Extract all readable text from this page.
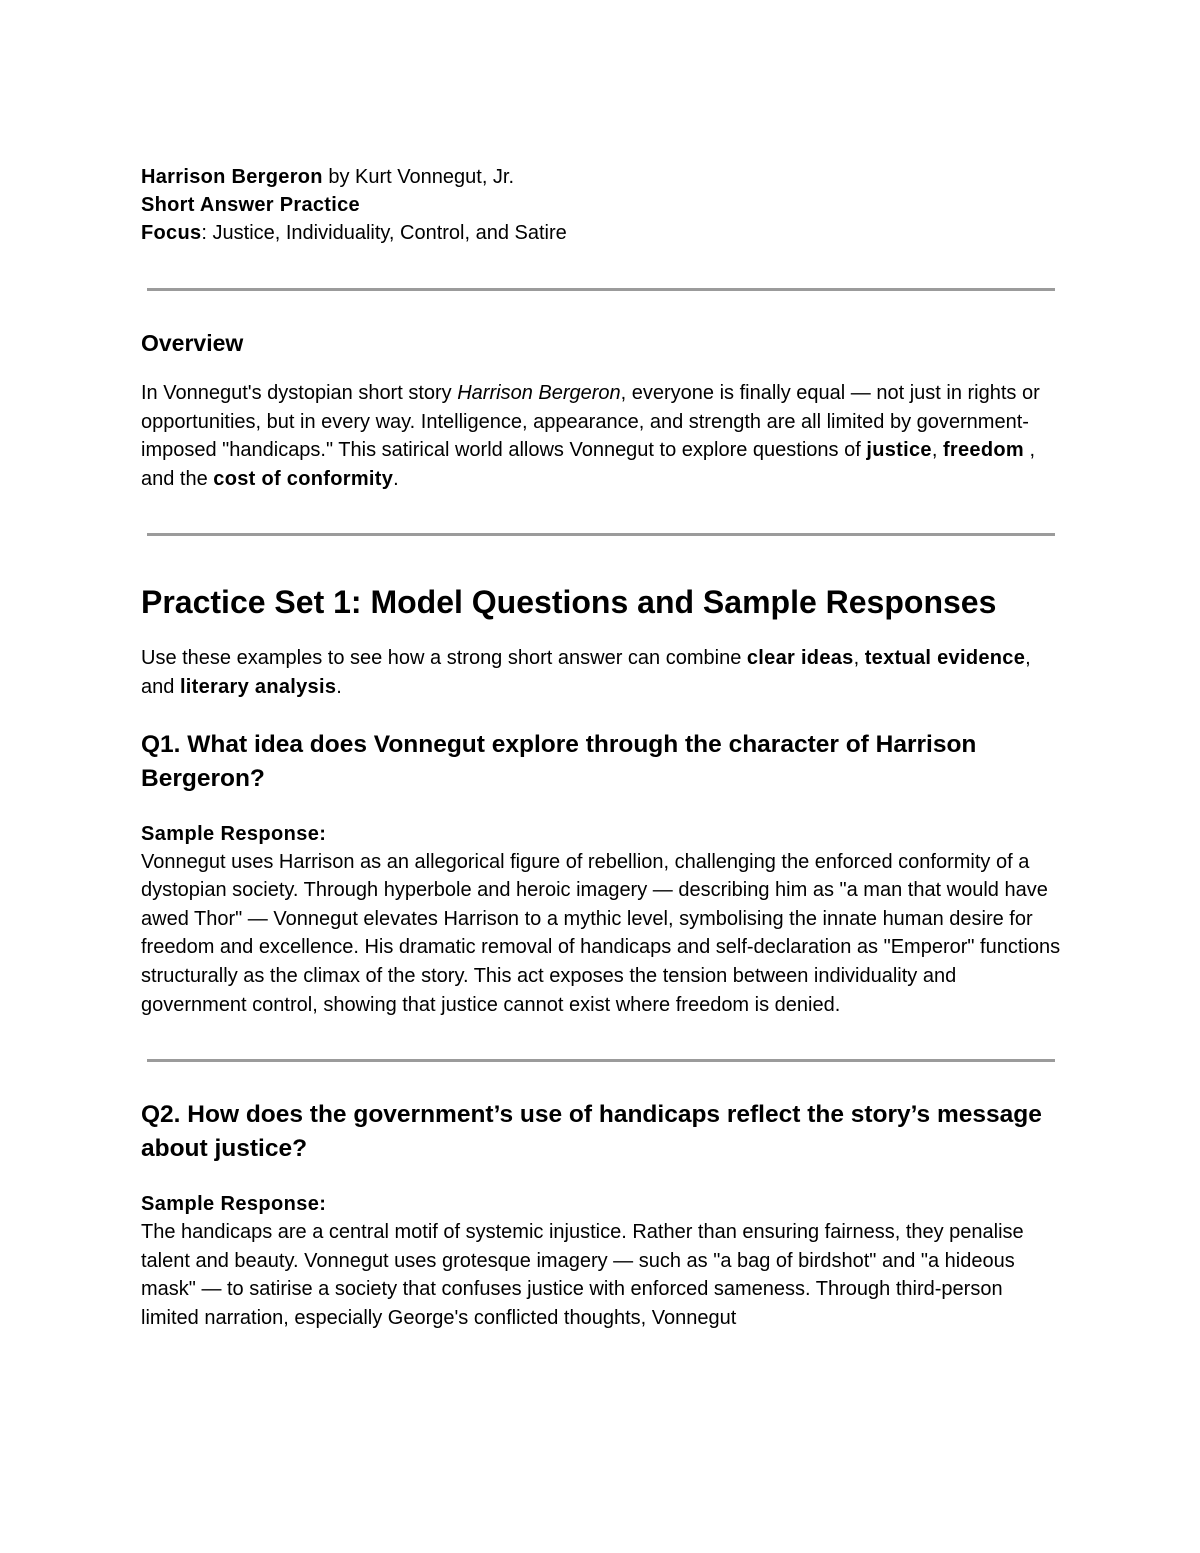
Harrison Bergeron by Kurt Vonnegut, Jr.

Short Answer Practice

Focus: Justice, Individuality, Control, and Satire

Overview

In Vonnegut's dystopian short story Harrison Bergeron, everyone is finally equal — not just in rights or opportunities, but in every way. Intelligence, appearance, and strength are all limited by government-imposed "handicaps." This satirical world allows Vonnegut to explore questions of justice, freedom , and the cost of conformity.

Practice Set 1: Model Questions and Sample Responses

Use these examples to see how a strong short answer can combine clear ideas, textual evidence, and literary analysis.

Q1. What idea does Vonnegut explore through the character of Harrison Bergeron?

Sample Response:

Vonnegut uses Harrison as an allegorical figure of rebellion, challenging the enforced conformity of a dystopian society. Through hyperbole and heroic imagery — describing him as "a man that would have awed Thor" — Vonnegut elevates Harrison to a mythic level, symbolising the innate human desire for freedom and excellence. His dramatic removal of handicaps and self-declaration as "Emperor" functions structurally as the climax of the story. This act exposes the tension between individuality and government control, showing that justice cannot exist where freedom is denied.

Q2. How does the government’s use of handicaps reflect the story’s message about justice?

Sample Response:

The handicaps are a central motif of systemic injustice. Rather than ensuring fairness, they penalise talent and beauty. Vonnegut uses grotesque imagery — such as "a bag of birdshot" and "a hideous mask" — to satirise a society that confuses justice with enforced sameness. Through third-person limited narration, especially George's conflicted thoughts, Vonnegut
